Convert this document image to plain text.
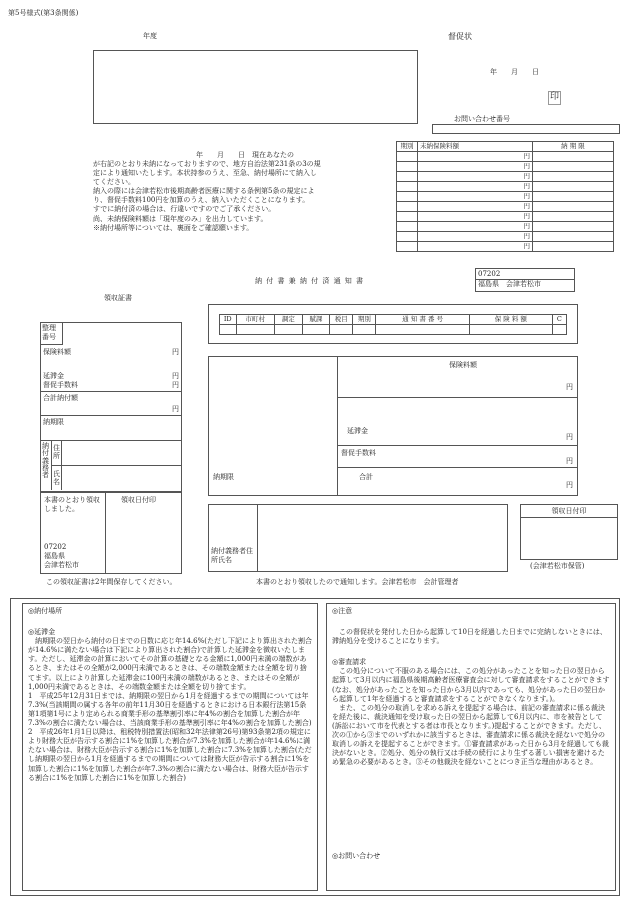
第5号様式(第3条関係)
年度	督促状
年　　月　　日
印
お問い合わせ番号
年　　月　　日　現在あなたの

が右記のとおり未納になっておりますので、地方自治法第231条の3の規

定により通知いたします。本状持参のうえ、至急、納付場所にて納入し

てください。

納入の際には会津若松市後期高齢者医療に関する条例第5条の規定によ

り、督促手数料100円を加算のうえ、納入いただくことになります。

すでに納付済の場合は、行違いですのでご了承ください。

尚、未納保険料額は「現年度のみ」を出力しています。

※納付場所等については、裏面をご確認願います。

期別	未納保険料額	納 期 限
	円	
	円	
	円	
	円	
	円	
	円	
	円	
	円	
	円	
	円	
納 付 書 兼 納 付 済 通 知 書
07202
福島県　会津若松市
領収証書
整理番号
保険料額	円
延滞金	円
督促手数料	円
合計納付額
円
納期限
納付義務者
住所
氏名
本書のとおり領収しました。
領収日付印
07202
福島県
会津若松市
この領収証書は2年間保存してください。
ID	市町村	調定	賦課	税目	期別	通 知 書 番 号	保 険 料 額	C

保険料額
円
延滞金
円
督促手数料
円
合計
円
納期限
納付義務者住所氏名
本書のとおり領収したので通知します。会津若松市　会計管理者
領収日付印
(会津若松市保管)
◎納付場所
◎延滞金

納期限の翌日から納付の日までの日数に応じ年14.6%(ただし下記により算出された割合が14.6%に満たない場合は下記により算出された割合)で計算した延滞金を徴収いたします。ただし、延滞金の計算においてその計算の基礎となる金額に1,000円未満の端数があるとき、またはその全額が2,000円未満であるときは、その端数金額または全額を切り捨てます。以上により計算した延滞金に100円未満の端数があるとき、またはその全額が1,000円未満であるときは、その端数金額または全額を切り捨てます。

1　平成25年12月31日までは、納期限の翌日から1月を経過するまでの期間については年7.3%(当該期間の属する各年の前年11月30日を経過するときにおける日本銀行法第15条第1項第1号により定められる商業手形の基準割引率に年4%の割合を加算した割合が年7.3%の割合に満たない場合は、当該商業手形の基準割引率に年4%の割合を加算した割合)

2　平成26年1月1日以降は、租税特別措置法(昭和32年法律第26号)第93条第2項の規定により財務大臣が告示する割合に1%を加算した割合が7.3%を加算した割合が年14.6%に満たない場合は、財務大臣が告示する割合に1%を加算した割合に7.3%を加算した割合(ただし納期限の翌日から1月を経過するまでの期間については財務大臣が告示する割合に1%を加算した割合に1%を加算した割合が年7.3%の割合に満たない場合は、財務大臣が告示する割合に1%を加算した割合に1%を加算した割合)

◎注意

この督促状を発付した日から起算して10日を経過した日までに完納しないときには、滞納処分を受けることになります。

◎審査請求

この処分について不服のある場合には、この処分があったことを知った日の翌日から起算して3月以内に福島県後期高齢者医療審査会に対して審査請求をすることができます(なお、処分があったことを知った日から3月以内であっても、処分があった日の翌日から起算して1年を経過すると審査請求をすることができなくなります。)。

また、この処分の取消しを求める訴えを提起する場合は、前記の審査請求に係る裁決を経た後に、裁決通知を受け取った日の翌日から起算して6月以内に、市を被告として(訴訟において市を代表とする者は市長となります。)提起することができます。ただし、次の①から③までのいずれかに該当するときは、審査請求に係る裁決を経ないで処分の取消しの訴えを提起することができます。①審査請求があった日から3月を経過しても裁決がないとき。②処分、処分の執行又は手続の続行により生ずる著しい損害を避けるため緊急の必要があるとき。③その他裁決を経ないことにつき正当な理由があるとき。

◎お問い合わせ
